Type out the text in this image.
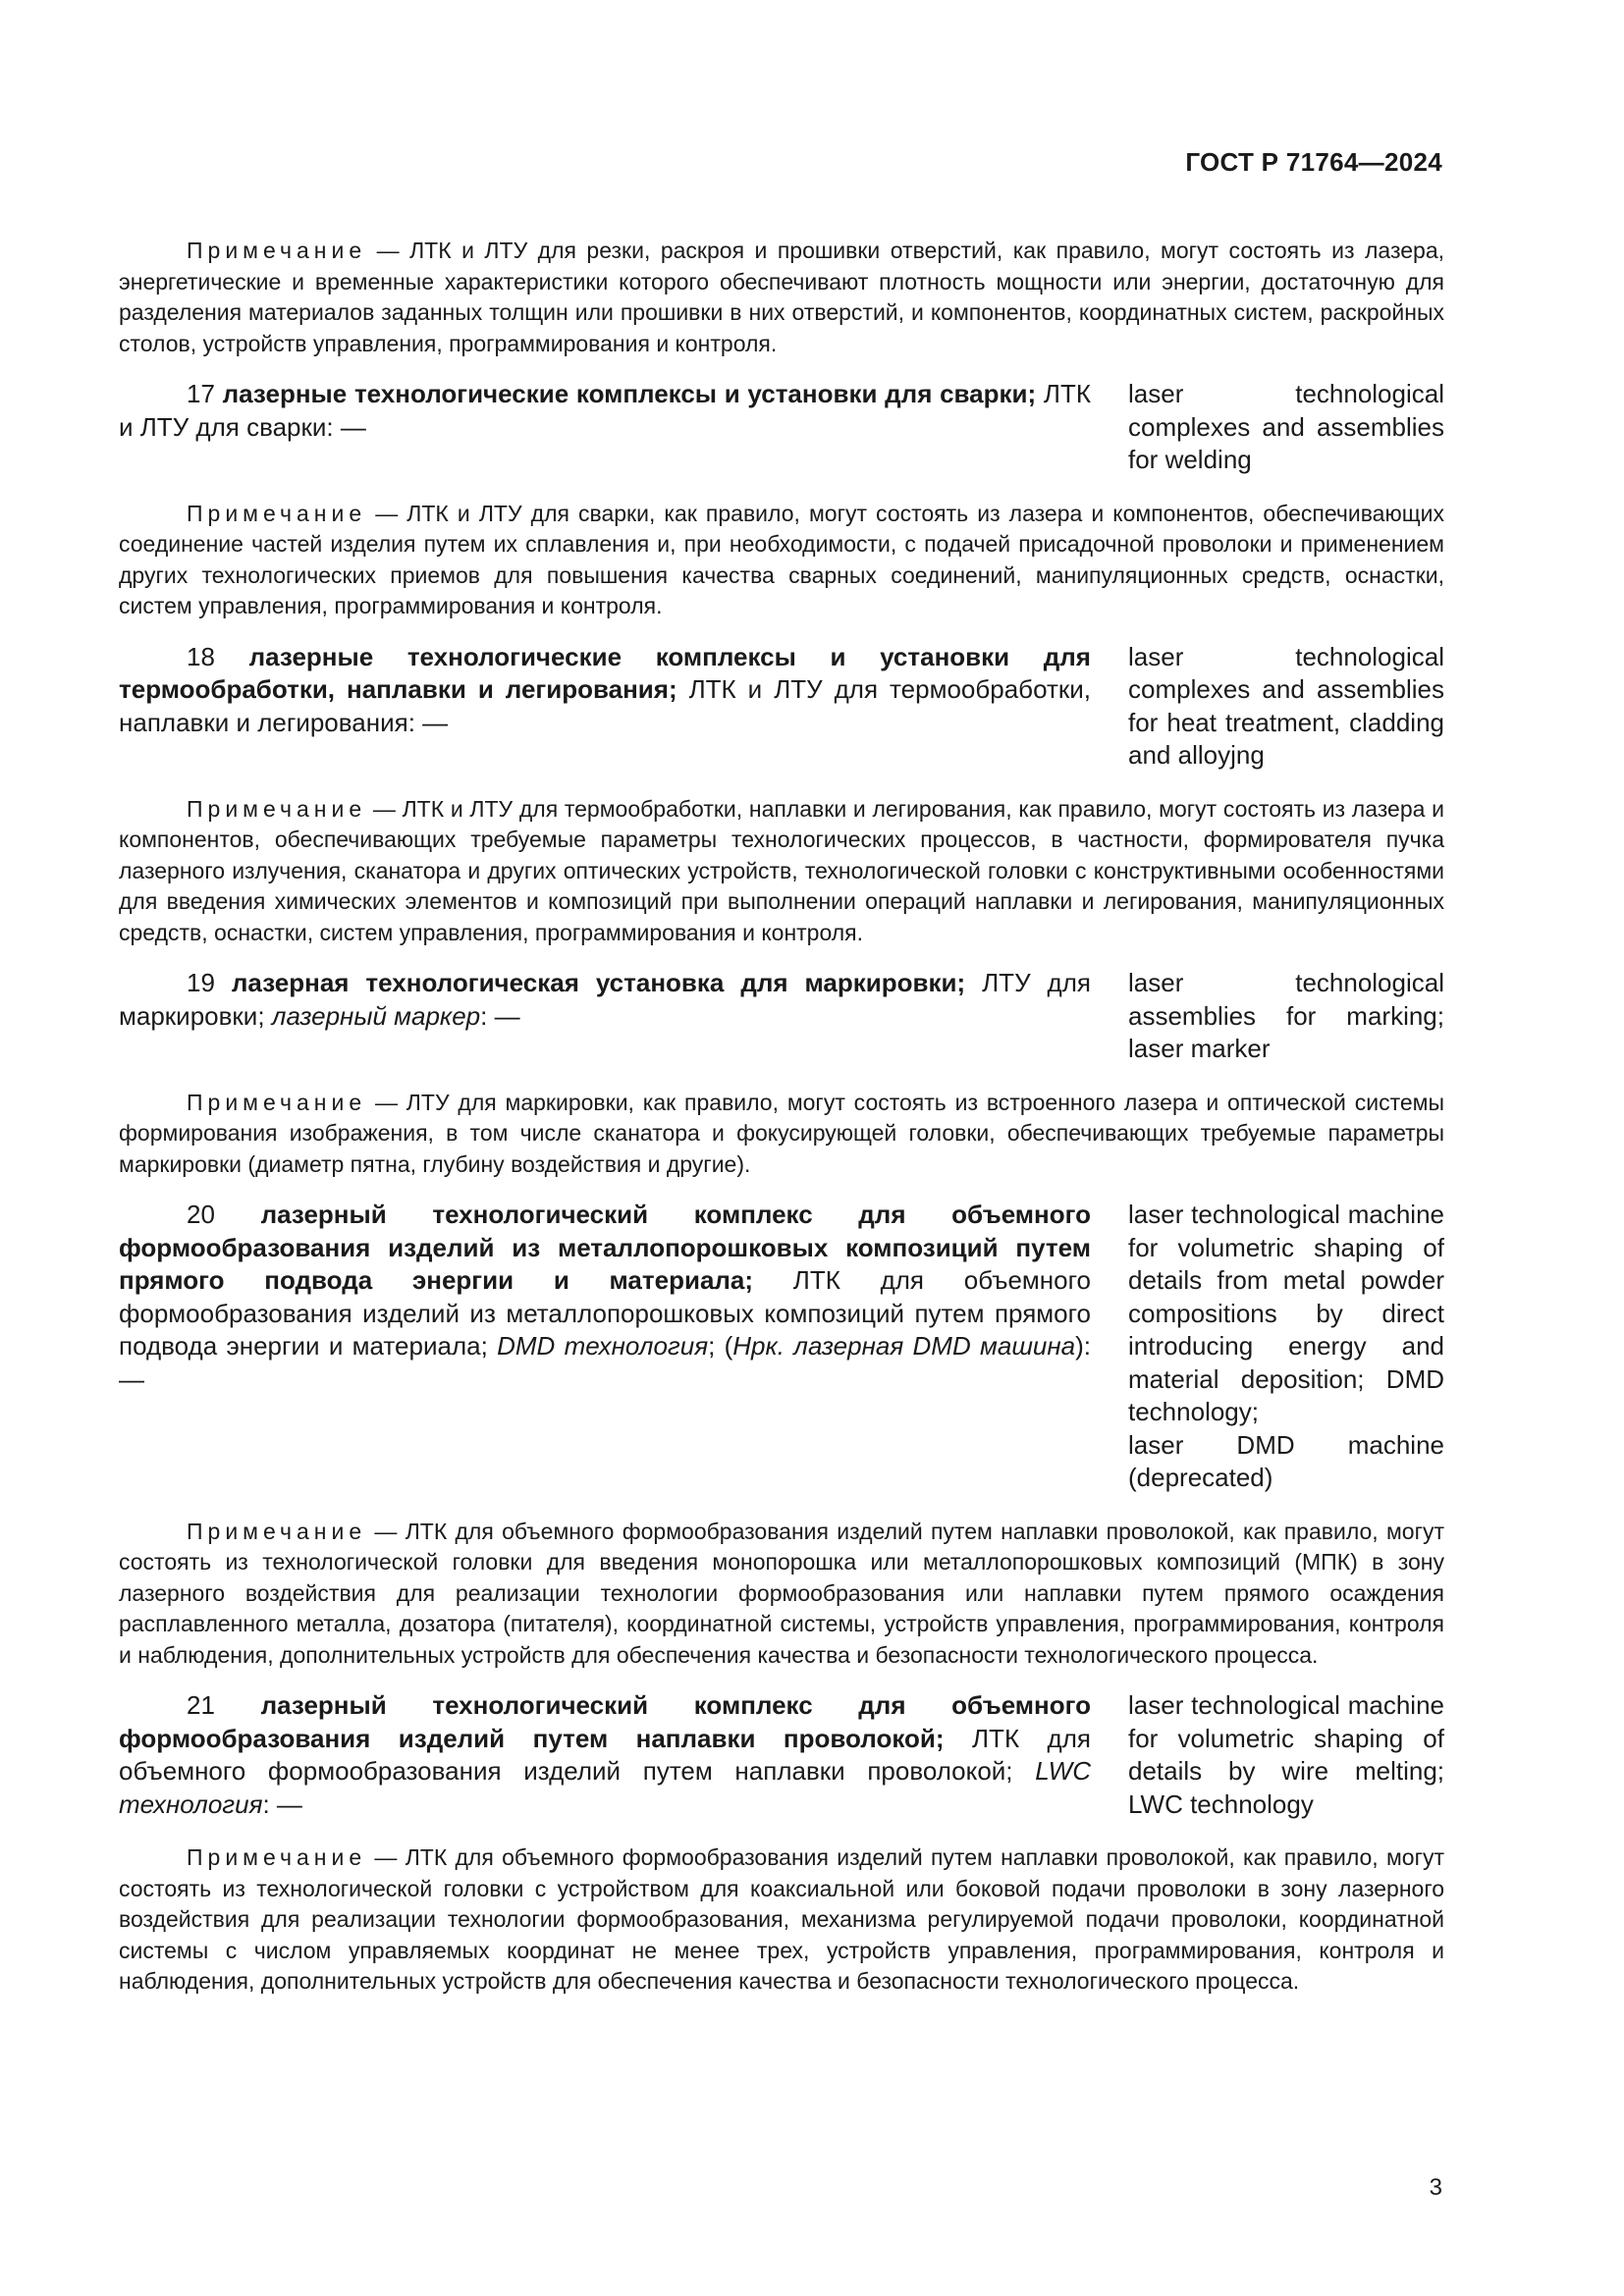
ГОСТ Р 71764—2024

Примечание — ЛТК и ЛТУ для резки, раскроя и прошивки отверстий, как правило, могут состоять из лазера, энергетические и временные характеристики которого обеспечивают плотность мощности или энергии, достаточную для разделения материалов заданных толщин или прошивки в них отверстий, и компонентов, координатных систем, раскройных столов, устройств управления, программирования и контроля.

17 лазерные технологические комплексы и установки для сварки; ЛТК и ЛТУ для сварки: —
laser technological complexes and assemblies for welding

Примечание — ЛТК и ЛТУ для сварки, как правило, могут состоять из лазера и компонентов, обеспечивающих соединение частей изделия путем их сплавления и, при необходимости, с подачей присадочной проволоки и применением других технологических приемов для повышения качества сварных соединений, манипуляционных средств, оснастки, систем управления, программирования и контроля.

18 лазерные технологические комплексы и установки для термообработки, наплавки и легирования; ЛТК и ЛТУ для термообработки, наплавки и легирования: —
laser technological complexes and assemblies for heat treatment, cladding and alloyjng

Примечание — ЛТК и ЛТУ для термообработки, наплавки и легирования, как правило, могут состоять из лазера и компонентов, обеспечивающих требуемые параметры технологических процессов, в частности, формирователя пучка лазерного излучения, сканатора и других оптических устройств, технологической головки с конструктивными особенностями для введения химических элементов и композиций при выполнении операций наплавки и легирования, манипуляционных средств, оснастки, систем управления, программирования и контроля.

19 лазерная технологическая установка для маркировки; ЛТУ для маркировки; лазерный маркер: —
laser technological assemblies for marking; laser marker

Примечание — ЛТУ для маркировки, как правило, могут состоять из встроенного лазера и оптической системы формирования изображения, в том числе сканатора и фокусирующей головки, обеспечивающих требуемые параметры маркировки (диаметр пятна, глубину воздействия и другие).

20 лазерный технологический комплекс для объемного формообразования изделий из металлопорошковых композиций путем прямого подвода энергии и материала; ЛТК для объемного формообразования изделий из металлопорошковых композиций путем прямого подвода энергии и материала; DMD технология; (Нрк. лазерная DMD машина): —
laser technological machine for volumetric shaping of details from metal powder compositions by direct introducing energy and material deposition; DMD technology;
laser DMD machine (deprecated)

Примечание — ЛТК для объемного формообразования изделий путем наплавки проволокой, как правило, могут состоять из технологической головки для введения монопорошка или металлопорошковых композиций (МПК) в зону лазерного воздействия для реализации технологии формообразования или наплавки путем прямого осаждения расплавленного металла, дозатора (питателя), координатной системы, устройств управления, программирования, контроля и наблюдения, дополнительных устройств для обеспечения качества и безопасности технологического процесса.

21 лазерный технологический комплекс для объемного формообразования изделий путем наплавки проволокой; ЛТК для объемного формообразования изделий путем наплавки проволокой; LWC технология: —
laser technological machine for volumetric shaping of details by wire melting; LWC technology

Примечание — ЛТК для объемного формообразования изделий путем наплавки проволокой, как правило, могут состоять из технологической головки с устройством для коаксиальной или боковой подачи проволоки в зону лазерного воздействия для реализации технологии формообразования, механизма регулируемой подачи проволоки, координатной системы с числом управляемых координат не менее трех, устройств управления, программирования, контроля и наблюдения, дополнительных устройств для обеспечения качества и безопасности технологического процесса.

3
